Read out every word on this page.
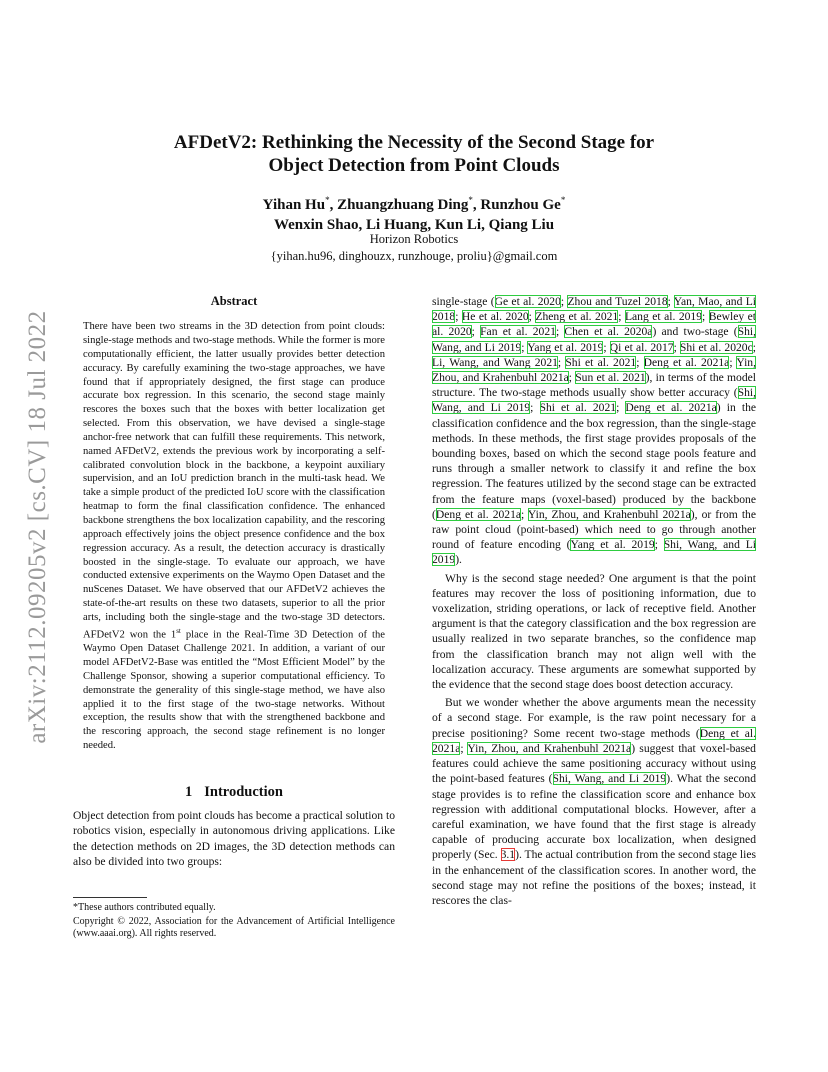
arXiv:2112.09205v2 [cs.CV] 18 Jul 2022
AFDetV2: Rethinking the Necessity of the Second Stage for
Object Detection from Point Clouds
Yihan Hu*, Zhuangzhuang Ding*, Runzhou Ge*
Wenxin Shao, Li Huang, Kun Li, Qiang Liu
Horizon Robotics
{yihan.hu96, dinghouzx, runzhouge, proliu}@gmail.com
Abstract
There have been two streams in the 3D detection from point clouds: single-stage methods and two-stage methods. While the former is more computationally efficient, the latter usually provides better detection accuracy. By carefully examining the two-stage approaches, we have found that if appropriately designed, the first stage can produce accurate box regression. In this scenario, the second stage mainly rescores the boxes such that the boxes with better localization get selected. From this observation, we have devised a single-stage anchor-free network that can fulfill these requirements. This network, named AFDetV2, extends the previous work by incorporating a self-calibrated convolution block in the backbone, a keypoint auxiliary supervision, and an IoU prediction branch in the multi-task head. We take a simple product of the predicted IoU score with the classification heatmap to form the final classification confidence. The enhanced backbone strengthens the box localization capability, and the rescoring approach effectively joins the object presence confidence and the box regression accuracy. As a result, the detection accuracy is drastically boosted in the single-stage. To evaluate our approach, we have conducted extensive experiments on the Waymo Open Dataset and the nuScenes Dataset. We have observed that our AFDetV2 achieves the state-of-the-art results on these two datasets, superior to all the prior arts, including both the single-stage and the two-stage 3D detectors. AFDetV2 won the 1st place in the Real-Time 3D Detection of the Waymo Open Dataset Challenge 2021. In addition, a variant of our model AFDetV2-Base was entitled the “Most Efficient Model” by the Challenge Sponsor, showing a superior computational efficiency. To demonstrate the generality of this single-stage method, we have also applied it to the first stage of the two-stage networks. Without exception, the results show that with the strengthened backbone and the rescoring approach, the second stage refinement is no longer needed.
1 Introduction

Object detection from point clouds has become a practical solution to robotics vision, especially in autonomous driving applications. Like the detection methods on 2D images, the 3D detection methods can also be divided into two groups:

*These authors contributed equally.
Copyright © 2022, Association for the Advancement of Artificial Intelligence (www.aaai.org). All rights reserved.

single-stage (Ge et al. 2020; Zhou and Tuzel 2018; Yan, Mao, and Li 2018; He et al. 2020; Zheng et al. 2021; Lang et al. 2019; Bewley et al. 2020; Fan et al. 2021; Chen et al. 2020a) and two-stage (Shi, Wang, and Li 2019; Yang et al. 2019; Qi et al. 2017; Shi et al. 2020c; Li, Wang, and Wang 2021; Shi et al. 2021; Deng et al. 2021a; Yin, Zhou, and Krahenbuhl 2021a; Sun et al. 2021), in terms of the model structure. The two-stage methods usually show better accuracy (Shi, Wang, and Li 2019; Shi et al. 2021; Deng et al. 2021a) in the classification confidence and the box regression, than the single-stage methods. In these methods, the first stage provides proposals of the bounding boxes, based on which the second stage pools feature and runs through a smaller network to classify it and refine the box regression. The features utilized by the second stage can be extracted from the feature maps (voxel-based) produced by the backbone (Deng et al. 2021a; Yin, Zhou, and Krahenbuhl 2021a), or from the raw point cloud (point-based) which need to go through another round of feature encoding (Yang et al. 2019; Shi, Wang, and Li 2019).

Why is the second stage needed? One argument is that the point features may recover the loss of positioning information, due to voxelization, striding operations, or lack of receptive field. Another argument is that the category classification and the box regression are usually realized in two separate branches, so the confidence map from the classification branch may not align well with the localization accuracy. These arguments are somewhat supported by the evidence that the second stage does boost detection accuracy.

But we wonder whether the above arguments mean the necessity of a second stage. For example, is the raw point necessary for a precise positioning? Some recent two-stage methods (Deng et al. 2021a; Yin, Zhou, and Krahenbuhl 2021a) suggest that voxel-based features could achieve the same positioning accuracy without using the point-based features (Shi, Wang, and Li 2019). What the second stage provides is to refine the classification score and enhance box regression with additional computational blocks. However, after a careful examination, we have found that the first stage is already capable of producing accurate box localization, when designed properly (Sec. 3.1). The actual contribution from the second stage lies in the enhancement of the classification scores. In another word, the second stage may not refine the positions of the boxes; instead, it rescores the clas-
